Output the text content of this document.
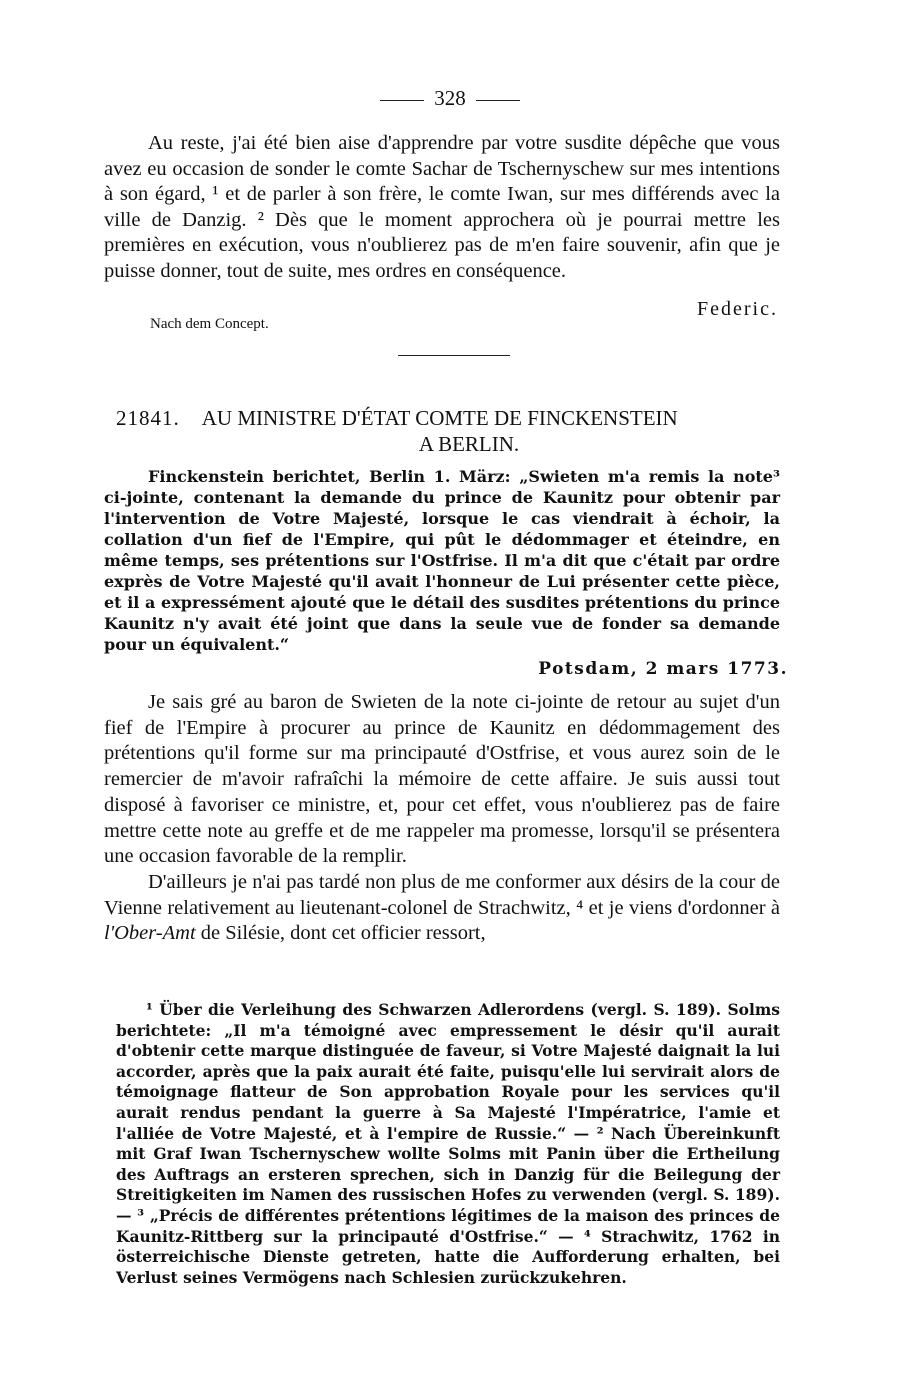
328

Au reste, j'ai été bien aise d'apprendre par votre susdite dépêche que vous avez eu occasion de sonder le comte Sachar de Tschernyschew sur mes intentions à son égard, ¹ et de parler à son frère, le comte Iwan, sur mes différends avec la ville de Danzig. ² Dès que le moment approchera où je pourrai mettre les premières en exécution, vous n'oublierez pas de m'en faire souvenir, afin que je puisse donner, tout de suite, mes ordres en conséquence.

Federic.
Nach dem Concept.
21841. AU MINISTRE D'ÉTAT COMTE DE FINCKENSTEIN
A BERLIN.

Finckenstein berichtet, Berlin 1. März: „Swieten m'a remis la note³ ci-jointe, contenant la demande du prince de Kaunitz pour obtenir par l'intervention de Votre Majesté, lorsque le cas viendrait à échoir, la collation d'un fief de l'Empire, qui pût le dédommager et éteindre, en même temps, ses prétentions sur l'Ostfrise. Il m'a dit que c'était par ordre exprès de Votre Majesté qu'il avait l'honneur de Lui présenter cette pièce, et il a expressément ajouté que le détail des susdites prétentions du prince Kaunitz n'y avait été joint que dans la seule vue de fonder sa demande pour un équivalent.“

Potsdam, 2 mars 1773.

Je sais gré au baron de Swieten de la note ci-jointe de retour au sujet d'un fief de l'Empire à procurer au prince de Kaunitz en dédommagement des prétentions qu'il forme sur ma principauté d'Ostfrise, et vous aurez soin de le remercier de m'avoir rafraîchi la mémoire de cette affaire. Je suis aussi tout disposé à favoriser ce ministre, et, pour cet effet, vous n'oublierez pas de faire mettre cette note au greffe et de me rappeler ma promesse, lorsqu'il se présentera une occasion favorable de la remplir.

D'ailleurs je n'ai pas tardé non plus de me conformer aux désirs de la cour de Vienne relativement au lieutenant-colonel de Strachwitz, ⁴ et je viens d'ordonner à l'Ober-Amt de Silésie, dont cet officier ressort,

¹ Über die Verleihung des Schwarzen Adlerordens (vergl. S. 189). Solms berichtete: „Il m'a témoigné avec empressement le désir qu'il aurait d'obtenir cette marque distinguée de faveur, si Votre Majesté daignait la lui accorder, après que la paix aurait été faite, puisqu'elle lui servirait alors de témoignage flatteur de Son approbation Royale pour les services qu'il aurait rendus pendant la guerre à Sa Majesté l'Impératrice, l'amie et l'alliée de Votre Majesté, et à l'empire de Russie.“ — ² Nach Übereinkunft mit Graf Iwan Tschernyschew wollte Solms mit Panin über die Ertheilung des Auftrags an ersteren sprechen, sich in Danzig für die Beilegung der Streitigkeiten im Namen des russischen Hofes zu verwenden (vergl. S. 189). — ³ „Précis de différentes prétentions légitimes de la maison des princes de Kaunitz-Rittberg sur la principauté d'Ostfrise.“ — ⁴ Strachwitz, 1762 in österreichische Dienste getreten, hatte die Aufforderung erhalten, bei Verlust seines Vermögens nach Schlesien zurückzukehren.
